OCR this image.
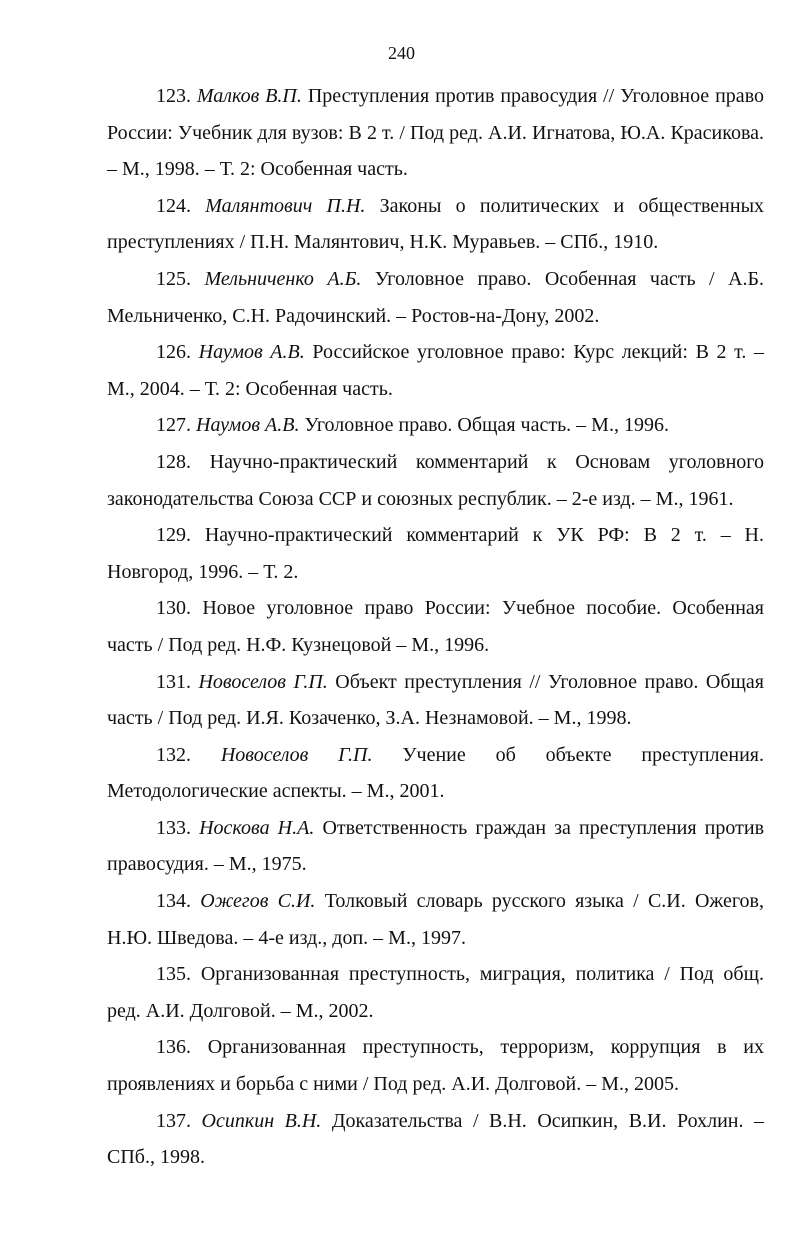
240

123. Малков В.П. Преступления против правосудия // Уголовное право России: Учебник для вузов: В 2 т. / Под ред. А.И. Игнатова, Ю.А. Красикова. – М., 1998. – Т. 2: Особенная часть.

124. Малянтович П.Н. Законы о политических и общественных преступлениях / П.Н. Малянтович, Н.К. Муравьев. – СПб., 1910.

125. Мельниченко А.Б. Уголовное право. Особенная часть / А.Б. Мельниченко, С.Н. Радочинский. – Ростов-на-Дону, 2002.

126. Наумов А.В. Российское уголовное право: Курс лекций: В 2 т. – М., 2004. – Т. 2: Особенная часть.

127. Наумов А.В. Уголовное право. Общая часть. – М., 1996.

128. Научно-практический комментарий к Основам уголовного законодательства Союза ССР и союзных республик. – 2-е изд. – М., 1961.

129. Научно-практический комментарий к УК РФ: В 2 т. – Н. Новгород, 1996. – Т. 2.

130. Новое уголовное право России: Учебное пособие. Особенная часть / Под ред. Н.Ф. Кузнецовой – М., 1996.

131. Новоселов Г.П. Объект преступления // Уголовное право. Общая часть / Под ред. И.Я. Козаченко, З.А. Незнамовой. – М., 1998.

132. Новоселов Г.П. Учение об объекте преступления. Методологические аспекты. – М., 2001.

133. Носкова Н.А. Ответственность граждан за преступления против правосудия. – М., 1975.

134. Ожегов С.И. Толковый словарь русского языка / С.И. Ожегов, Н.Ю. Шведова. – 4-е изд., доп. – М., 1997.

135. Организованная преступность, миграция, политика / Под общ. ред. А.И. Долговой. – М., 2002.

136. Организованная преступность, терроризм, коррупция в их проявлениях и борьба с ними / Под ред. А.И. Долговой. – М., 2005.

137. Осипкин В.Н. Доказательства / В.Н. Осипкин, В.И. Рохлин. – СПб., 1998.
